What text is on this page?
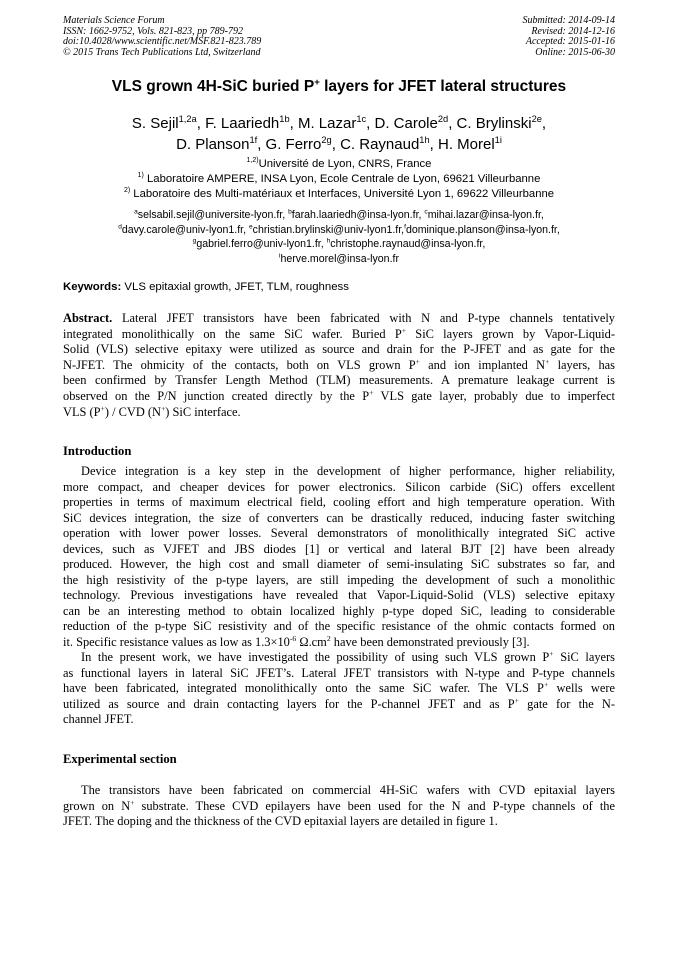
Materials Science Forum
ISSN: 1662-9752, Vols. 821-823, pp 789-792
doi:10.4028/www.scientific.net/MSF.821-823.789
© 2015 Trans Tech Publications Ltd, Switzerland
Submitted: 2014-09-14
Revised: 2014-12-16
Accepted: 2015-01-16
Online: 2015-06-30
VLS grown 4H-SiC buried P+ layers for JFET lateral structures
S. Sejil$^{1,2a}$, F. Laariedh$^{1b}$, M. Lazar$^{1c}$, D. Carole$^{2d}$, C. Brylinski$^{2e}$,
D. Planson$^{1f}$, G. Ferro$^{2g}$, C. Raynaud$^{1h}$, H. Morel$^{1i}$
$^{1,2)}$Université de Lyon, CNRS, France
$^{1)}$ Laboratoire AMPERE, INSA Lyon, Ecole Centrale de Lyon, 69621 Villeurbanne
$^{2)}$ Laboratoire des Multi-matériaux et Interfaces, Université Lyon 1, 69622 Villeurbanne
$^a$selsabil.sejil@universite-lyon.fr, $^b$farah.laariedh@insa-lyon.fr, $^c$mihai.lazar@insa-lyon.fr,
$^d$davy.carole@univ-lyon1.fr, $^e$christian.brylinski@univ-lyon1.fr,$^f$dominique.planson@insa-lyon.fr,
$^g$gabriel.ferro@univ-lyon1.fr, $^h$christophe.raynaud@insa-lyon.fr,
$^i$herve.morel@insa-lyon.fr
Keywords: VLS epitaxial growth, JFET, TLM, roughness
Abstract. Lateral JFET transistors have been fabricated with N and P-type channels tentatively
integrated monolithically on the same SiC wafer. Buried P+ SiC layers grown by Vapor-Liquid-
Solid (VLS) selective epitaxy were utilized as source and drain for the P-JFET and as gate for the
N-JFET. The ohmicity of the contacts, both on VLS grown P+ and ion implanted N+ layers, has
been confirmed by Transfer Length Method (TLM) measurements. A premature leakage current is
observed on the P/N junction created directly by the P+ VLS gate layer, probably due to imperfect
VLS (P+) / CVD (N+) SiC interface.
Introduction
Device integration is a key step in the development of higher performance, higher reliability,
more compact, and cheaper devices for power electronics. Silicon carbide (SiC) offers excellent
properties in terms of maximum electrical field, cooling effort and high temperature operation. With
SiC devices integration, the size of converters can be drastically reduced, inducing faster switching
operation with lower power losses. Several demonstrators of monolithically integrated SiC active
devices, such as VJFET and JBS diodes [1] or vertical and lateral BJT [2] have been already
produced. However, the high cost and small diameter of semi-insulating SiC substrates so far, and
the high resistivity of the p-type layers, are still impeding the development of such a monolithic
technology. Previous investigations have revealed that Vapor-Liquid-Solid (VLS) selective epitaxy
can be an interesting method to obtain localized highly p-type doped SiC, leading to considerable
reduction of the p-type SiC resistivity and of the specific resistance of the ohmic contacts formed on
it. Specific resistance values as low as $1.3\times 10^{-6}$ $\Omega.cm^2$ have been demonstrated previously [3].
In the present work, we have investigated the possibility of using such VLS grown P+ SiC layers
as functional layers in lateral SiC JFET’s. Lateral JFET transistors with N-type and P-type channels
have been fabricated, integrated monolithically onto the same SiC wafer. The VLS P+ wells were
utilized as source and drain contacting layers for the P-channel JFET and as P+ gate for the N-
channel JFET.
Experimental section
The transistors have been fabricated on commercial 4H-SiC wafers with CVD epitaxial layers
grown on N+ substrate. These CVD epilayers have been used for the N and P-type channels of the
JFET. The doping and the thickness of the CVD epitaxial layers are detailed in figure 1.
